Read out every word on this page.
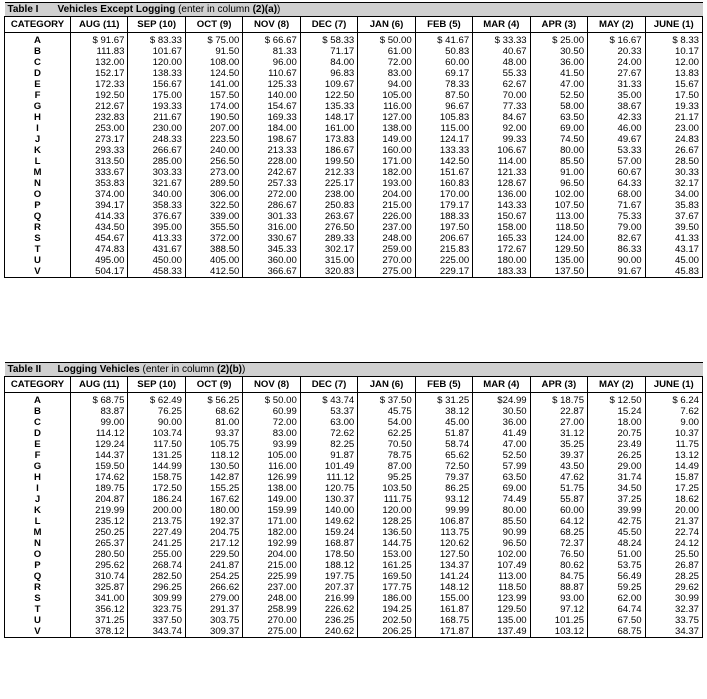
Table I Vehicles Except Logging (enter in column (2)(a))											
CATEGORY	AUG (11)	SEP (10)	OCT (9)	NOV (8)	DEC (7)	JAN (6)	FEB (5)	MAR (4)	APR (3)	MAY (2)	JUNE (1)
A	$ 91.67	$ 83.33	$ 75.00	$ 66.67	$ 58.33	$ 50.00	$ 41.67	$ 33.33	$ 25.00	$ 16.67	$ 8.33
B	111.83	101.67	91.50	81.33	71.17	61.00	50.83	40.67	30.50	20.33	10.17
C	132.00	120.00	108.00	96.00	84.00	72.00	60.00	48.00	36.00	24.00	12.00
D	152.17	138.33	124.50	110.67	96.83	83.00	69.17	55.33	41.50	27.67	13.83
E	172.33	156.67	141.00	125.33	109.67	94.00	78.33	62.67	47.00	31.33	15.67
F	192.50	175.00	157.50	140.00	122.50	105.00	87.50	70.00	52.50	35.00	17.50
G	212.67	193.33	174.00	154.67	135.33	116.00	96.67	77.33	58.00	38.67	19.33
H	232.83	211.67	190.50	169.33	148.17	127.00	105.83	84.67	63.50	42.33	21.17
I	253.00	230.00	207.00	184.00	161.00	138.00	115.00	92.00	69.00	46.00	23.00
J	273.17	248.33	223.50	198.67	173.83	149.00	124.17	99.33	74.50	49.67	24.83
K	293.33	266.67	240.00	213.33	186.67	160.00	133.33	106.67	80.00	53.33	26.67
L	313.50	285.00	256.50	228.00	199.50	171.00	142.50	114.00	85.50	57.00	28.50
M	333.67	303.33	273.00	242.67	212.33	182.00	151.67	121.33	91.00	60.67	30.33
N	353.83	321.67	289.50	257.33	225.17	193.00	160.83	128.67	96.50	64.33	32.17
O	374.00	340.00	306.00	272.00	238.00	204.00	170.00	136.00	102.00	68.00	34.00
P	394.17	358.33	322.50	286.67	250.83	215.00	179.17	143.33	107.50	71.67	35.83
Q	414.33	376.67	339.00	301.33	263.67	226.00	188.33	150.67	113.00	75.33	37.67
R	434.50	395.00	355.50	316.00	276.50	237.00	197.50	158.00	118.50	79.00	39.50
S	454.67	413.33	372.00	330.67	289.33	248.00	206.67	165.33	124.00	82.67	41.33
T	474.83	431.67	388.50	345.33	302.17	259.00	215.83	172.67	129.50	86.33	43.17
U	495.00	450.00	405.00	360.00	315.00	270.00	225.00	180.00	135.00	90.00	45.00
V	504.17	458.33	412.50	366.67	320.83	275.00	229.17	183.33	137.50	91.67	45.83
Table II Logging Vehicles (enter in column (2)(b))											
CATEGORY	AUG (11)	SEP (10)	OCT (9)	NOV (8)	DEC (7)	JAN (6)	FEB (5)	MAR (4)	APR (3)	MAY (2)	JUNE (1)
A	$ 68.75	$ 62.49	$ 56.25	$ 50.00	$ 43.74	$ 37.50	$ 31.25	$24.99	$ 18.75	$ 12.50	$ 6.24
B	83.87	76.25	68.62	60.99	53.37	45.75	38.12	30.50	22.87	15.24	7.62
C	99.00	90.00	81.00	72.00	63.00	54.00	45.00	36.00	27.00	18.00	9.00
D	114.12	103.74	93.37	83.00	72.62	62.25	51.87	41.49	31.12	20.75	10.37
E	129.24	117.50	105.75	93.99	82.25	70.50	58.74	47.00	35.25	23.49	11.75
F	144.37	131.25	118.12	105.00	91.87	78.75	65.62	52.50	39.37	26.25	13.12
G	159.50	144.99	130.50	116.00	101.49	87.00	72.50	57.99	43.50	29.00	14.49
H	174.62	158.75	142.87	126.99	111.12	95.25	79.37	63.50	47.62	31.74	15.87
I	189.75	172.50	155.25	138.00	120.75	103.50	86.25	69.00	51.75	34.50	17.25
J	204.87	186.24	167.62	149.00	130.37	111.75	93.12	74.49	55.87	37.25	18.62
K	219.99	200.00	180.00	159.99	140.00	120.00	99.99	80.00	60.00	39.99	20.00
L	235.12	213.75	192.37	171.00	149.62	128.25	106.87	85.50	64.12	42.75	21.37
M	250.25	227.49	204.75	182.00	159.24	136.50	113.75	90.99	68.25	45.50	22.74
N	265.37	241.25	217.12	192.99	168.87	144.75	120.62	96.50	72.37	48.24	24.12
O	280.50	255.00	229.50	204.00	178.50	153.00	127.50	102.00	76.50	51.00	25.50
P	295.62	268.74	241.87	215.00	188.12	161.25	134.37	107.49	80.62	53.75	26.87
Q	310.74	282.50	254.25	225.99	197.75	169.50	141.24	113.00	84.75	56.49	28.25
R	325.87	296.25	266.62	237.00	207.37	177.75	148.12	118.50	88.87	59.25	29.62
S	341.00	309.99	279.00	248.00	216.99	186.00	155.00	123.99	93.00	62.00	30.99
T	356.12	323.75	291.37	258.99	226.62	194.25	161.87	129.50	97.12	64.74	32.37
U	371.25	337.50	303.75	270.00	236.25	202.50	168.75	135.00	101.25	67.50	33.75
V	378.12	343.74	309.37	275.00	240.62	206.25	171.87	137.49	103.12	68.75	34.37
